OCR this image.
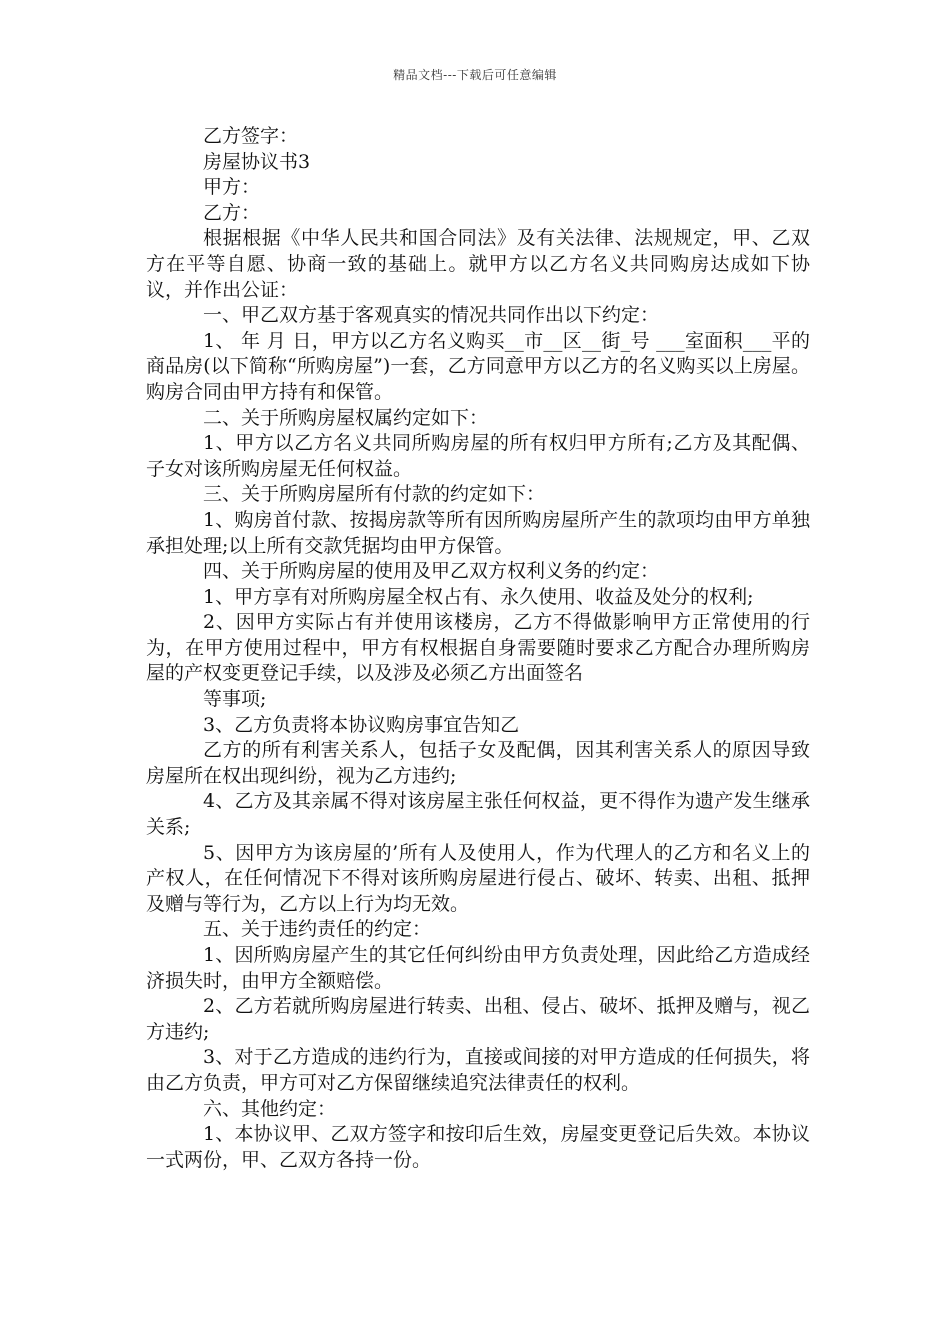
精品文档---下载后可任意编辑

乙方签字：

房屋协议书3

甲方：

乙方：

根据根据《中华人民共和国合同法》及有关法律、法规规定，甲、乙双方在平等自愿、协商一致的基础上。就甲方以乙方名义共同购房达成如下协议，并作出公证：

一、甲乙双方基于客观真实的情况共同作出以下约定：

1、 年 月 日，甲方以乙方名义购买__市__区__街_号 ___室面积___平的商品房(以下简称“所购房屋”)一套，乙方同意甲方以乙方的名义购买以上房屋。购房合同由甲方持有和保管。

二、关于所购房屋权属约定如下：

1、甲方以乙方名义共同所购房屋的所有权归甲方所有;乙方及其配偶、子女对该所购房屋无任何权益。

三、关于所购房屋所有付款的约定如下：

1、购房首付款、按揭房款等所有因所购房屋所产生的款项均由甲方单独承担处理;以上所有交款凭据均由甲方保管。

四、关于所购房屋的使用及甲乙双方权利义务的约定：

1、甲方享有对所购房屋全权占有、永久使用、收益及处分的权利;

2、因甲方实际占有并使用该楼房，乙方不得做影响甲方正常使用的行为，在甲方使用过程中，甲方有权根据自身需要随时要求乙方配合办理所购房屋的产权变更登记手续，以及涉及必须乙方出面签名

等事项;

3、乙方负责将本协议购房事宜告知乙

乙方的所有利害关系人，包括子女及配偶，因其利害关系人的原因导致房屋所在权出现纠纷，视为乙方违约;

4、乙方及其亲属不得对该房屋主张任何权益，更不得作为遗产发生继承关系;

5、因甲方为该房屋的’所有人及使用人，作为代理人的乙方和名义上的产权人，在任何情况下不得对该所购房屋进行侵占、破坏、转卖、出租、抵押及赠与等行为，乙方以上行为均无效。

五、关于违约责任的约定：

1、因所购房屋产生的其它任何纠纷由甲方负责处理，因此给乙方造成经济损失时，由甲方全额赔偿。

2、乙方若就所购房屋进行转卖、出租、侵占、破坏、抵押及赠与，视乙方违约;

3、对于乙方造成的违约行为，直接或间接的对甲方造成的任何损失，将由乙方负责，甲方可对乙方保留继续追究法律责任的权利。

六、其他约定：

1、本协议甲、乙双方签字和按印后生效，房屋变更登记后失效。本协议一式两份，甲、乙双方各持一份。
